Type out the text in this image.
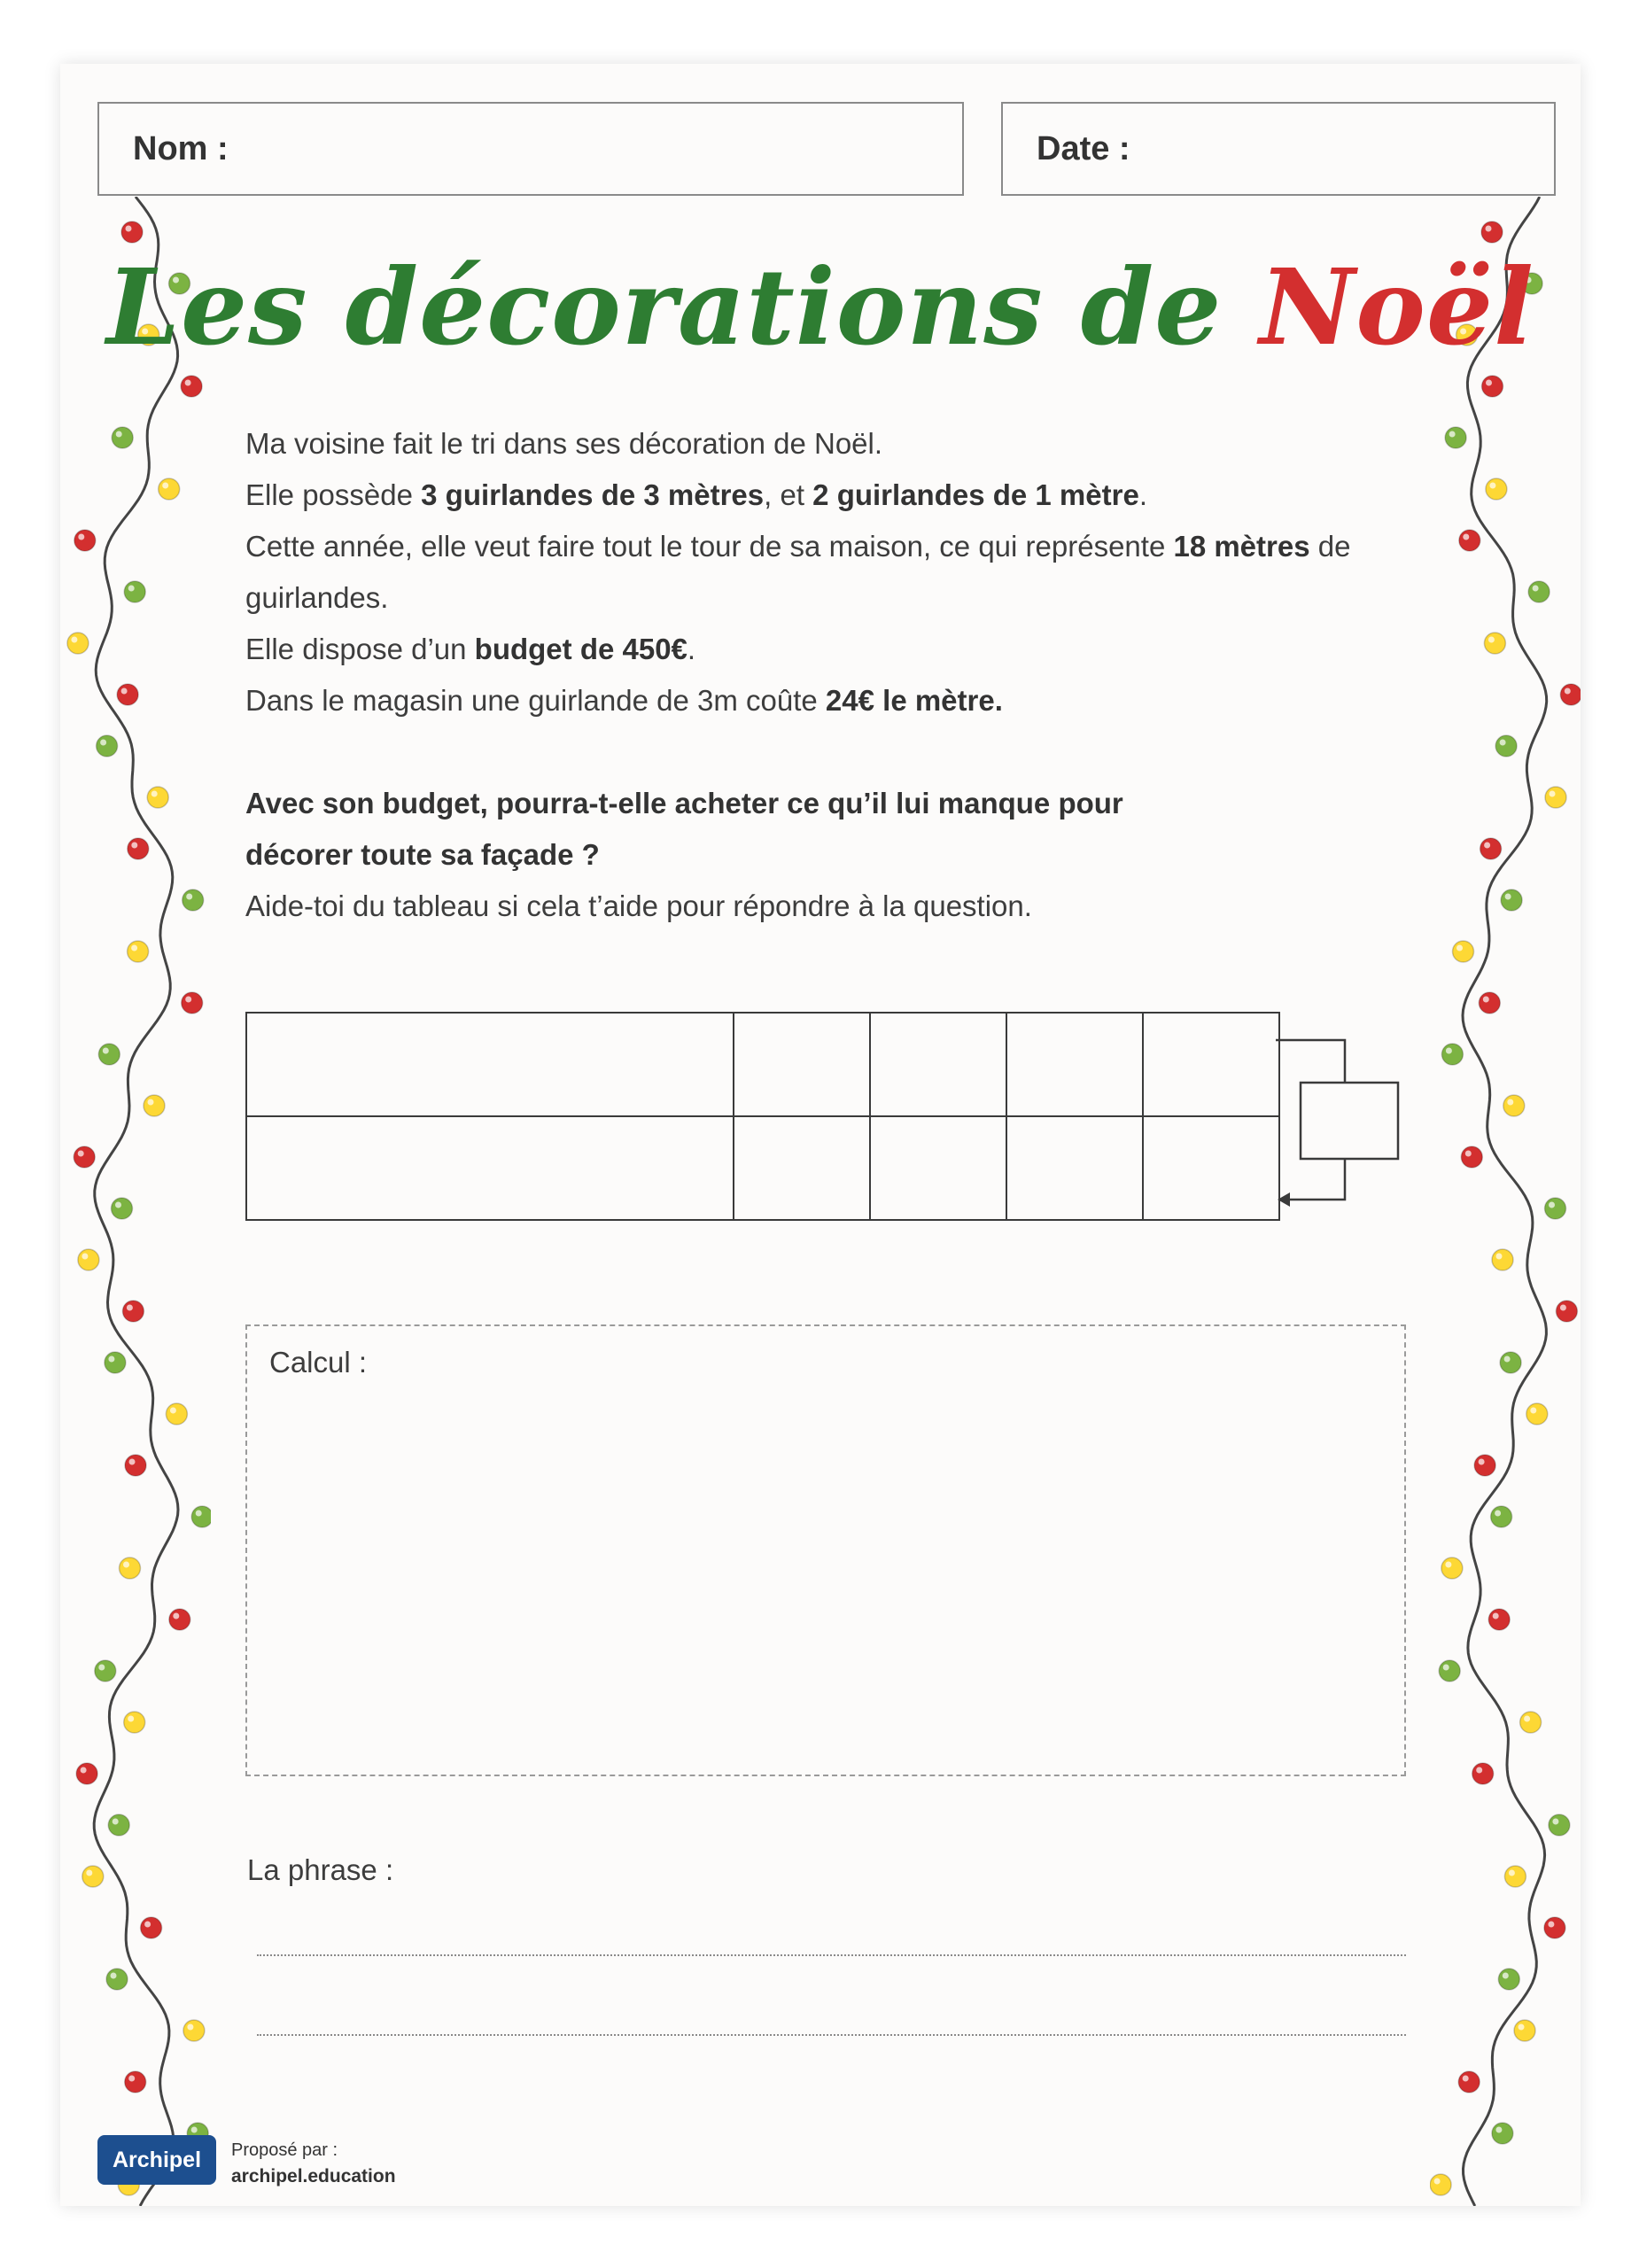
Nom :	Date :
Les décorations de Noël

Ma voisine fait le tri dans ses décoration de Noël.

Elle possède 3 guirlandes de 3 mètres, et 2 guirlandes de 1 mètre.

Cette année, elle veut faire tout le tour de sa maison, ce qui représente 18 mètres de guirlandes.

Elle dispose d’un budget de 450€.

Dans le magasin une guirlande de 3m coûte 24€ le mètre.

Avec son budget, pourra-t-elle acheter ce qu’il lui manque pour décorer toute sa façade ?

Aide-toi du tableau si cela t’aide pour répondre à la question.

Calcul :
La phrase :
Archipel	Proposé par :
archipel.education
